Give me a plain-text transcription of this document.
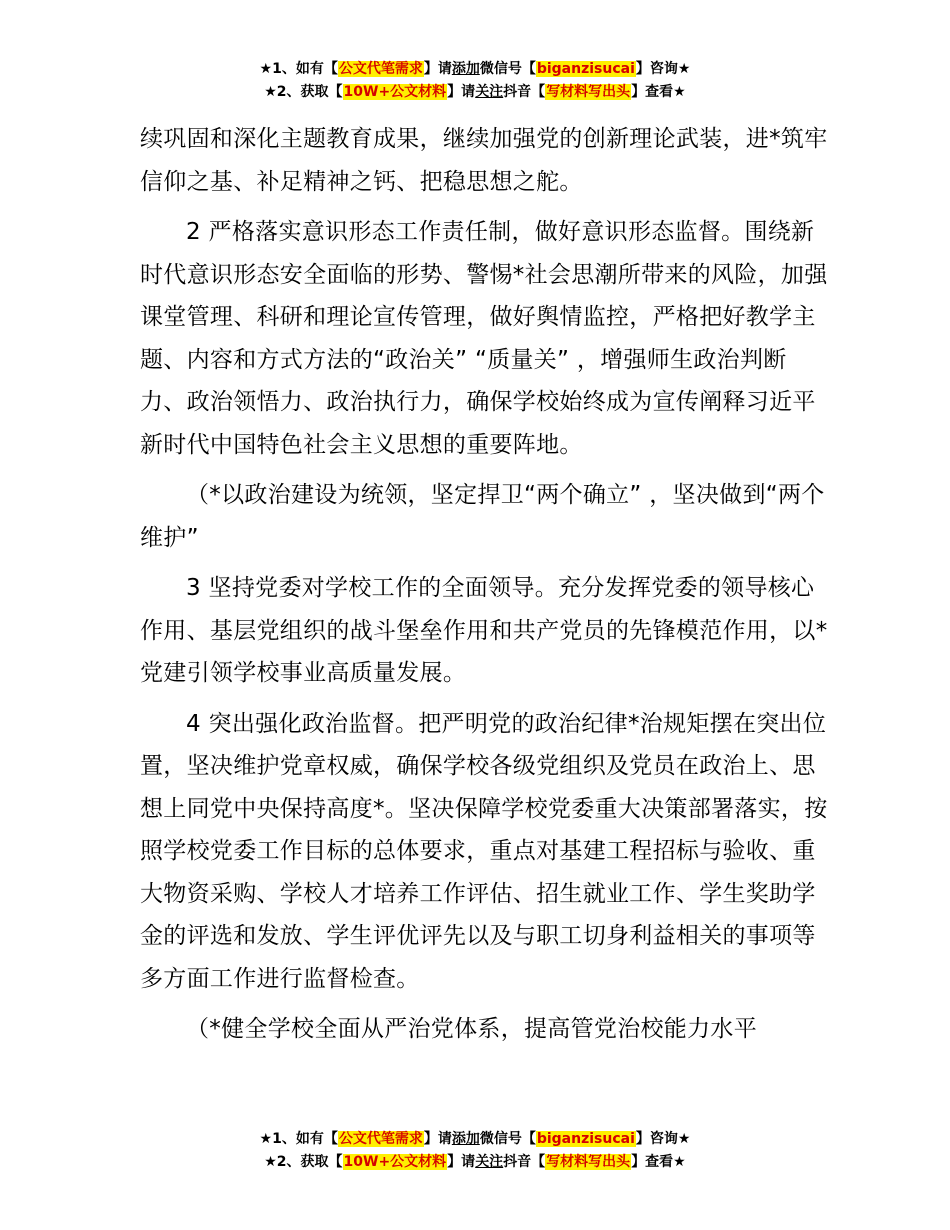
★1、如有【公文代笔需求】请添加微信号【biganzisucai】咨询★
★2、获取【10W+公文材料】请关注抖音【写材料写出头】查看★

续巩固和深化主题教育成果，继续加强党的创新理论武装，进*筑牢信仰之基、补足精神之钙、把稳思想之舵。

2 严格落实意识形态工作责任制，做好意识形态监督。围绕新时代意识形态安全面临的形势、警惕*社会思潮所带来的风险，加强课堂管理、科研和理论宣传管理，做好舆情监控，严格把好教学主题、内容和方式方法的“政治关” “质量关” ，增强师生政治判断力、政治领悟力、政治执行力，确保学校始终成为宣传阐释习近平新时代中国特色社会主义思想的重要阵地。

（*以政治建设为统领，坚定捍卫“两个确立” ，坚决做到“两个维护”

3 坚持党委对学校工作的全面领导。充分发挥党委的领导核心作用、基层党组织的战斗堡垒作用和共产党员的先锋模范作用，以*党建引领学校事业高质量发展。

4 突出强化政治监督。把严明党的政治纪律*治规矩摆在突出位置，坚决维护党章权威，确保学校各级党组织及党员在政治上、思想上同党中央保持高度*。坚决保障学校党委重大决策部署落实，按照学校党委工作目标的总体要求，重点对基建工程招标与验收、重大物资采购、学校人才培养工作评估、招生就业工作、学生奖助学金的评选和发放、学生评优评先以及与职工切身利益相关的事项等多方面工作进行监督检查。

（*健全学校全面从严治党体系，提高管党治校能力水平

★1、如有【公文代笔需求】请添加微信号【biganzisucai】咨询★
★2、获取【10W+公文材料】请关注抖音【写材料写出头】查看★
